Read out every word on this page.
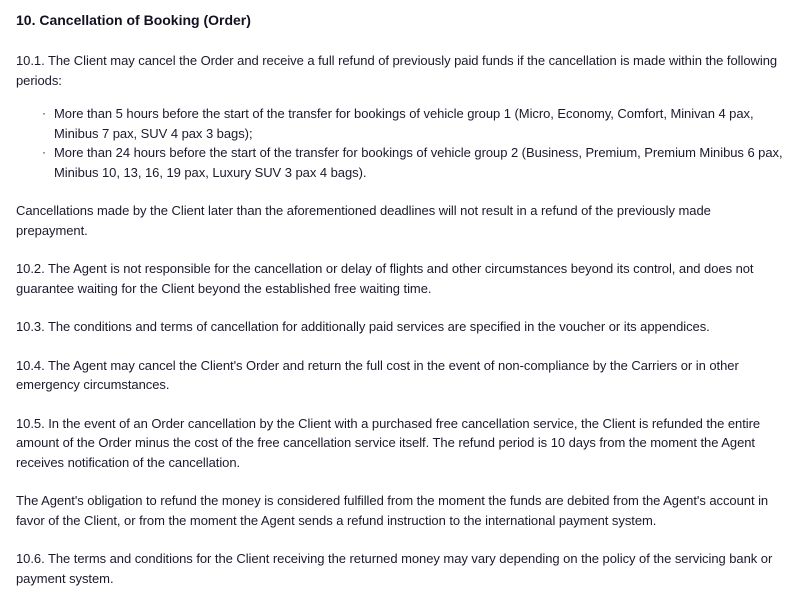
10. Cancellation of Booking (Order)

10.1. The Client may cancel the Order and receive a full refund of previously paid funds if the cancellation is made within the following periods:

· More than 5 hours before the start of the transfer for bookings of vehicle group 1 (Micro, Economy, Comfort, Minivan 4 pax, Minibus 7 pax, SUV 4 pax 3 bags);
· More than 24 hours before the start of the transfer for bookings of vehicle group 2 (Business, Premium, Premium Minibus 6 pax, Minibus 10, 13, 16, 19 pax, Luxury SUV 3 pax 4 bags).

Cancellations made by the Client later than the aforementioned deadlines will not result in a refund of the previously made prepayment.

10.2. The Agent is not responsible for the cancellation or delay of flights and other circumstances beyond its control, and does not guarantee waiting for the Client beyond the established free waiting time.

10.3. The conditions and terms of cancellation for additionally paid services are specified in the voucher or its appendices.

10.4. The Agent may cancel the Client's Order and return the full cost in the event of non-compliance by the Carriers or in other emergency circumstances.

10.5. In the event of an Order cancellation by the Client with a purchased free cancellation service, the Client is refunded the entire amount of the Order minus the cost of the free cancellation service itself. The refund period is 10 days from the moment the Agent receives notification of the cancellation.

The Agent's obligation to refund the money is considered fulfilled from the moment the funds are debited from the Agent's account in favor of the Client, or from the moment the Agent sends a refund instruction to the international payment system.

10.6. The terms and conditions for the Client receiving the returned money may vary depending on the policy of the servicing bank or payment system.
